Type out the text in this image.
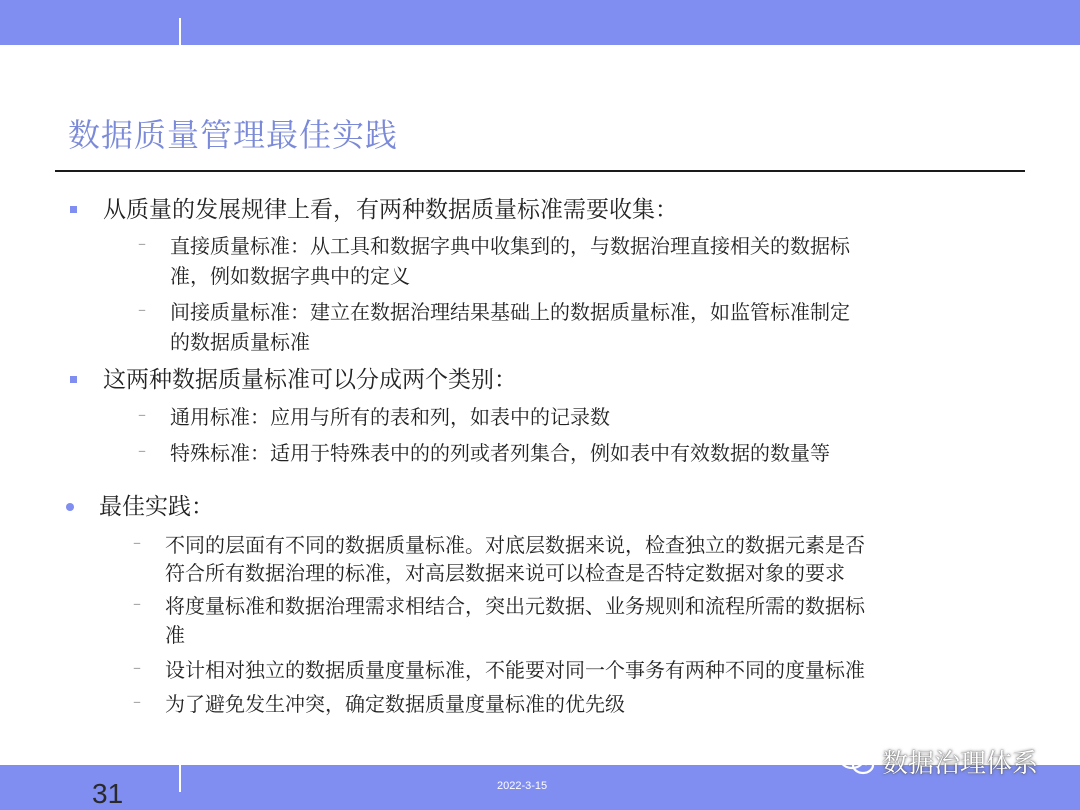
数据质量管理最佳实践
从质量的发展规律上看，有两种数据质量标准需要收集：
– 直接质量标准：从工具和数据字典中收集到的，与数据治理直接相关的数据标
准，例如数据字典中的定义
– 间接质量标准：建立在数据治理结果基础上的数据质量标准，如监管标准制定
的数据质量标准
这两种数据质量标准可以分成两个类别：
– 通用标准：应用与所有的表和列，如表中的记录数
– 特殊标准：适用于特殊表中的的列或者列集合，例如表中有效数据的数量等
最佳实践：
– 不同的层面有不同的数据质量标准。对底层数据来说，检查独立的数据元素是否
符合所有数据治理的标准，对高层数据来说可以检查是否特定数据对象的要求
– 将度量标准和数据治理需求相结合，突出元数据、业务规则和流程所需的数据标
准
– 设计相对独立的数据质量度量标准，不能要对同一个事务有两种不同的度量标准
– 为了避免发生冲突，确定数据质量度量标准的优先级
31	2022-3-15
数据治理体系
